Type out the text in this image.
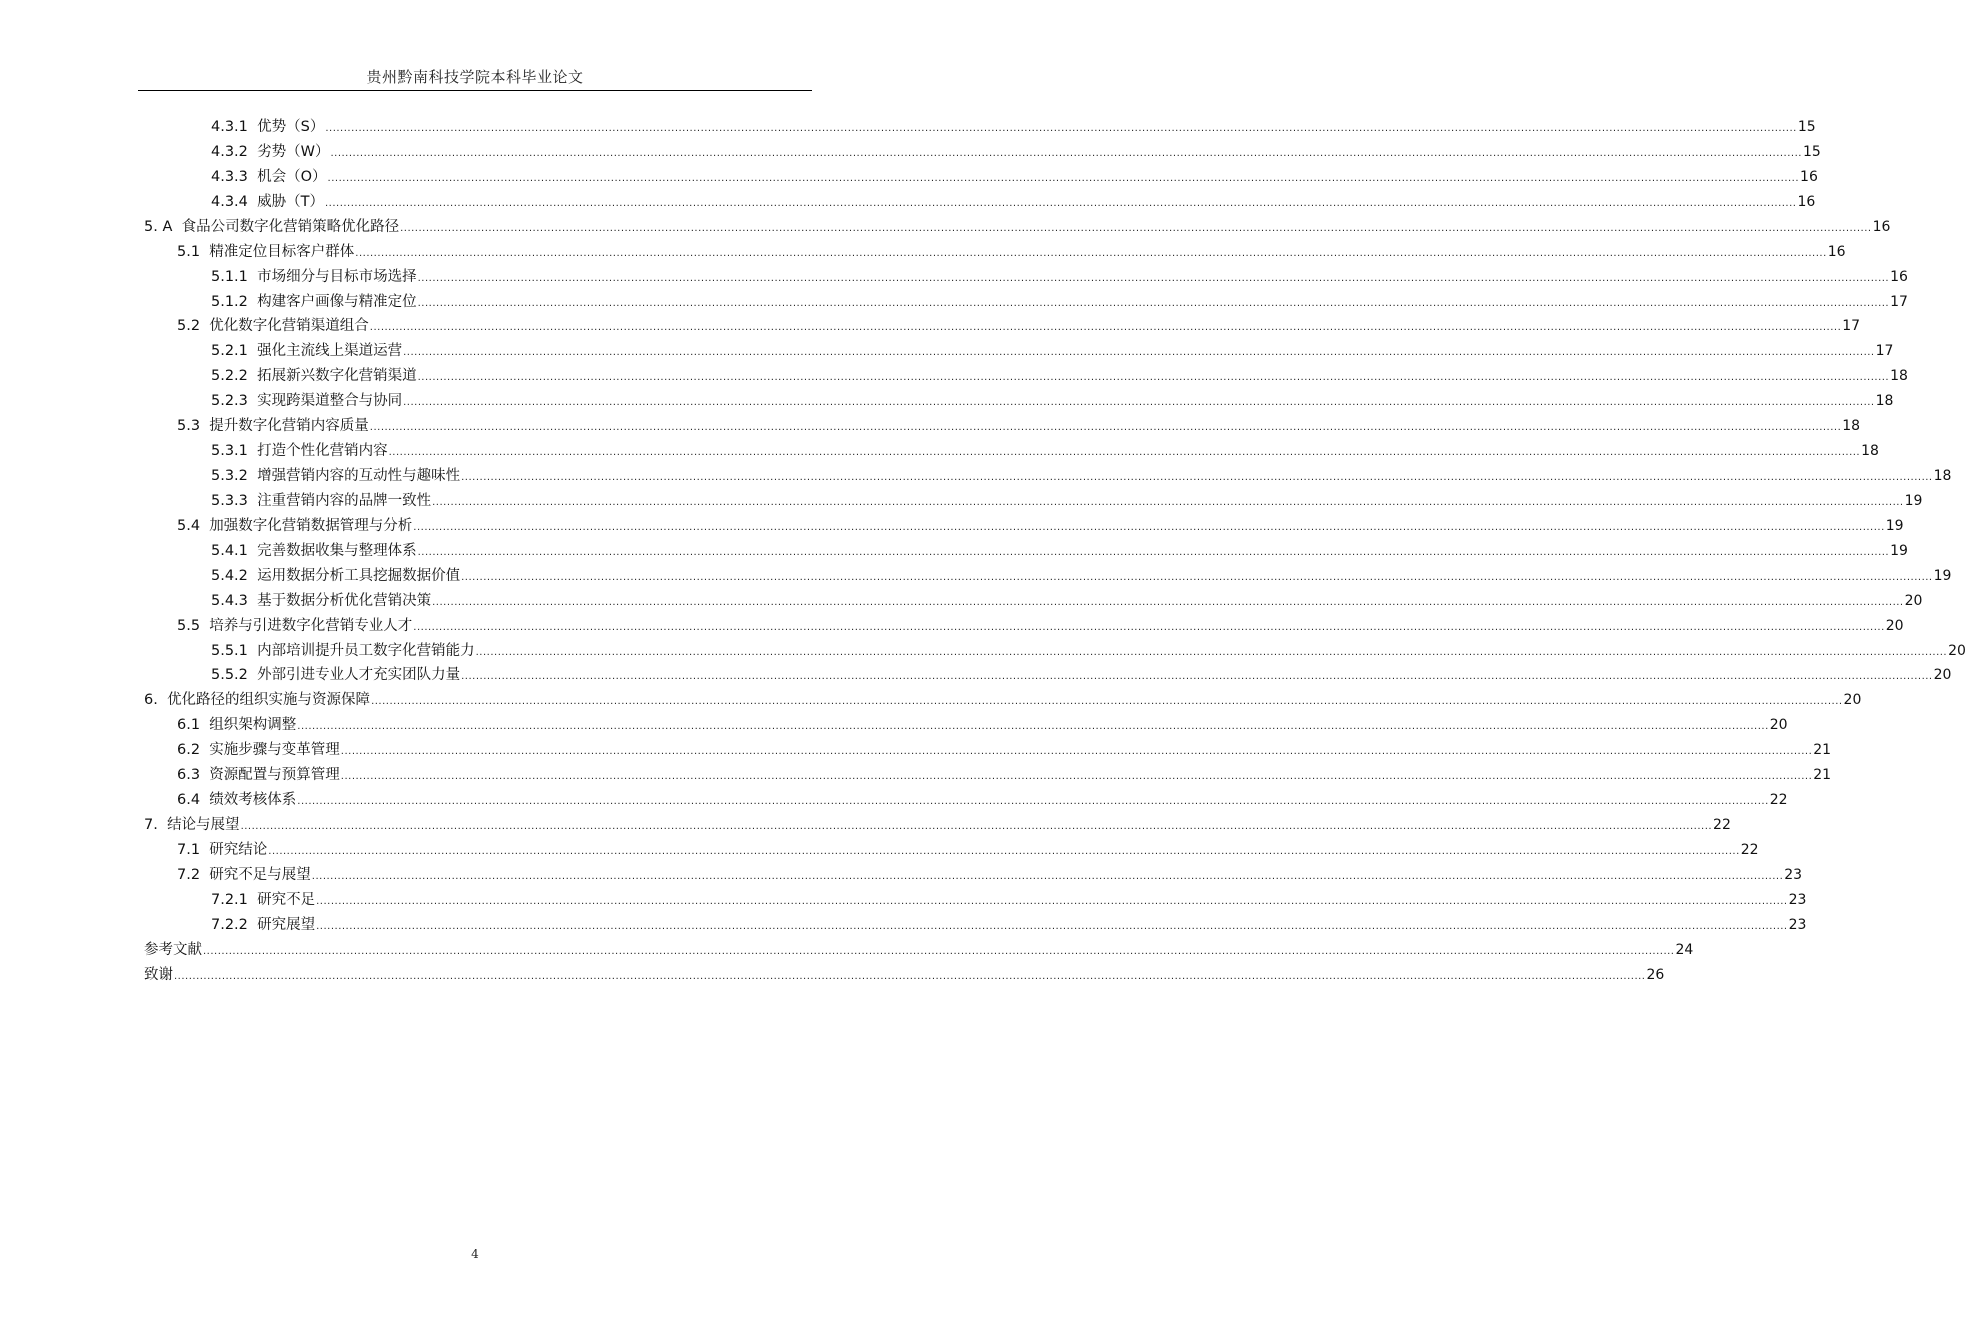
贵州黔南科技学院本科毕业论文
4.3.1 优势（S） ................................................................................................................................................................................................................................................................................................................................................................................................................ 15
4.3.2 劣势（W） ................................................................................................................................................................................................................................................................................................................................................................................................................ 15
4.3.3 机会（O） ................................................................................................................................................................................................................................................................................................................................................................................................................ 16
4.3.4 威胁（T） ................................................................................................................................................................................................................................................................................................................................................................................................................ 16
5. A 食品公司数字化营销策略优化路径 ................................................................................................................................................................................................................................................................................................................................................................................................................ 16
5.1 精准定位目标客户群体 ................................................................................................................................................................................................................................................................................................................................................................................................................ 16
5.1.1 市场细分与目标市场选择 ................................................................................................................................................................................................................................................................................................................................................................................................................ 16
5.1.2 构建客户画像与精准定位 ................................................................................................................................................................................................................................................................................................................................................................................................................ 17
5.2 优化数字化营销渠道组合 ................................................................................................................................................................................................................................................................................................................................................................................................................ 17
5.2.1 强化主流线上渠道运营 ................................................................................................................................................................................................................................................................................................................................................................................................................ 17
5.2.2 拓展新兴数字化营销渠道 ................................................................................................................................................................................................................................................................................................................................................................................................................ 18
5.2.3 实现跨渠道整合与协同 ................................................................................................................................................................................................................................................................................................................................................................................................................ 18
5.3 提升数字化营销内容质量 ................................................................................................................................................................................................................................................................................................................................................................................................................ 18
5.3.1 打造个性化营销内容 ................................................................................................................................................................................................................................................................................................................................................................................................................ 18
5.3.2 增强营销内容的互动性与趣味性 ................................................................................................................................................................................................................................................................................................................................................................................................................ 18
5.3.3 注重营销内容的品牌一致性 ................................................................................................................................................................................................................................................................................................................................................................................................................ 19
5.4 加强数字化营销数据管理与分析 ................................................................................................................................................................................................................................................................................................................................................................................................................ 19
5.4.1 完善数据收集与整理体系 ................................................................................................................................................................................................................................................................................................................................................................................................................ 19
5.4.2 运用数据分析工具挖掘数据价值 ................................................................................................................................................................................................................................................................................................................................................................................................................ 19
5.4.3 基于数据分析优化营销决策 ................................................................................................................................................................................................................................................................................................................................................................................................................ 20
5.5 培养与引进数字化营销专业人才 ................................................................................................................................................................................................................................................................................................................................................................................................................ 20
5.5.1 内部培训提升员工数字化营销能力 ................................................................................................................................................................................................................................................................................................................................................................................................................ 20
5.5.2 外部引进专业人才充实团队力量 ................................................................................................................................................................................................................................................................................................................................................................................................................ 20
6. 优化路径的组织实施与资源保障 ................................................................................................................................................................................................................................................................................................................................................................................................................ 20
6.1 组织架构调整 ................................................................................................................................................................................................................................................................................................................................................................................................................ 20
6.2 实施步骤与变革管理 ................................................................................................................................................................................................................................................................................................................................................................................................................ 21
6.3 资源配置与预算管理 ................................................................................................................................................................................................................................................................................................................................................................................................................ 21
6.4 绩效考核体系 ................................................................................................................................................................................................................................................................................................................................................................................................................ 22
7. 结论与展望 ................................................................................................................................................................................................................................................................................................................................................................................................................ 22
7.1 研究结论 ................................................................................................................................................................................................................................................................................................................................................................................................................ 22
7.2 研究不足与展望 ................................................................................................................................................................................................................................................................................................................................................................................................................ 23
7.2.1 研究不足 ................................................................................................................................................................................................................................................................................................................................................................................................................ 23
7.2.2 研究展望 ................................................................................................................................................................................................................................................................................................................................................................................................................ 23
参考文献 ................................................................................................................................................................................................................................................................................................................................................................................................................ 24
致谢 ................................................................................................................................................................................................................................................................................................................................................................................................................ 26
4
